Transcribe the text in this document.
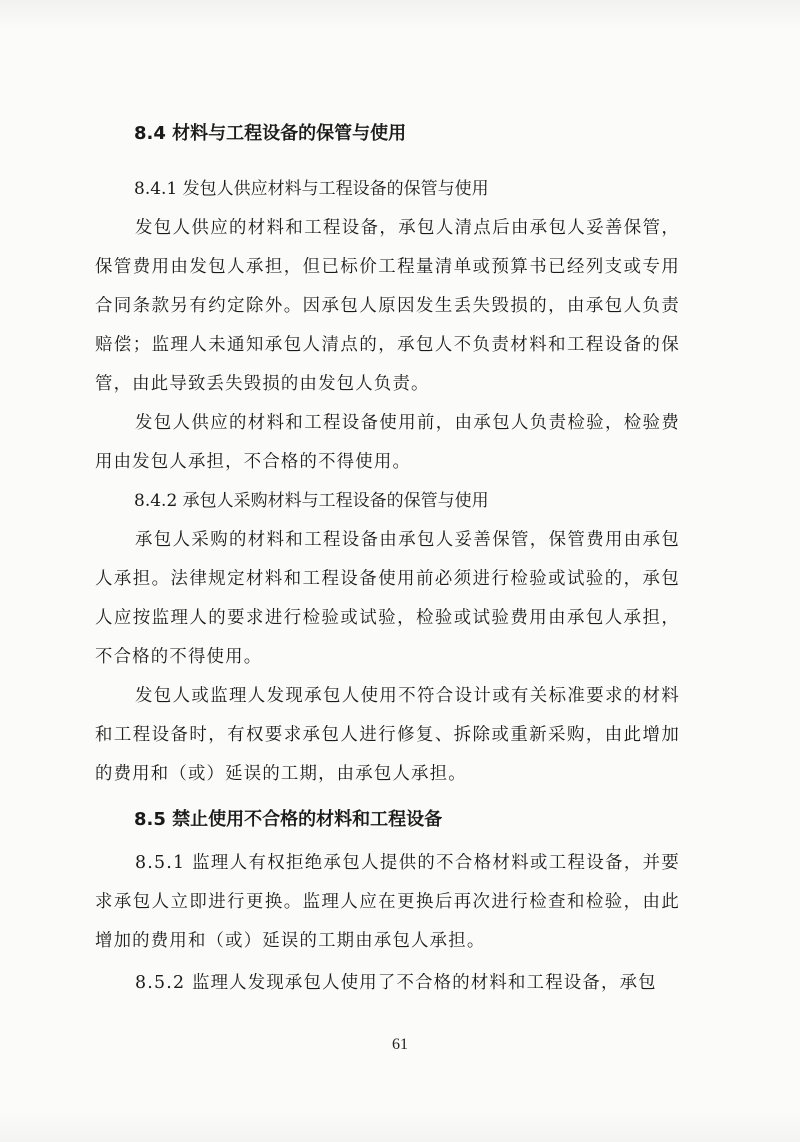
8.4 材料与工程设备的保管与使用

8.4.1 发包人供应材料与工程设备的保管与使用

发包人供应的材料和工程设备，承包人清点后由承包人妥善保管，保管费用由发包人承担，但已标价工程量清单或预算书已经列支或专用合同条款另有约定除外。因承包人原因发生丢失毁损的，由承包人负责赔偿；监理人未通知承包人清点的，承包人不负责材料和工程设备的保管，由此导致丢失毁损的由发包人负责。

发包人供应的材料和工程设备使用前，由承包人负责检验，检验费用由发包人承担，不合格的不得使用。

8.4.2 承包人采购材料与工程设备的保管与使用

承包人采购的材料和工程设备由承包人妥善保管，保管费用由承包人承担。法律规定材料和工程设备使用前必须进行检验或试验的，承包人应按监理人的要求进行检验或试验，检验或试验费用由承包人承担，不合格的不得使用。

发包人或监理人发现承包人使用不符合设计或有关标准要求的材料和工程设备时，有权要求承包人进行修复、拆除或重新采购，由此增加的费用和（或）延误的工期，由承包人承担。

8.5 禁止使用不合格的材料和工程设备

8.5.1 监理人有权拒绝承包人提供的不合格材料或工程设备，并要求承包人立即进行更换。监理人应在更换后再次进行检查和检验，由此增加的费用和（或）延误的工期由承包人承担。

8.5.2 监理人发现承包人使用了不合格的材料和工程设备，承包

61
